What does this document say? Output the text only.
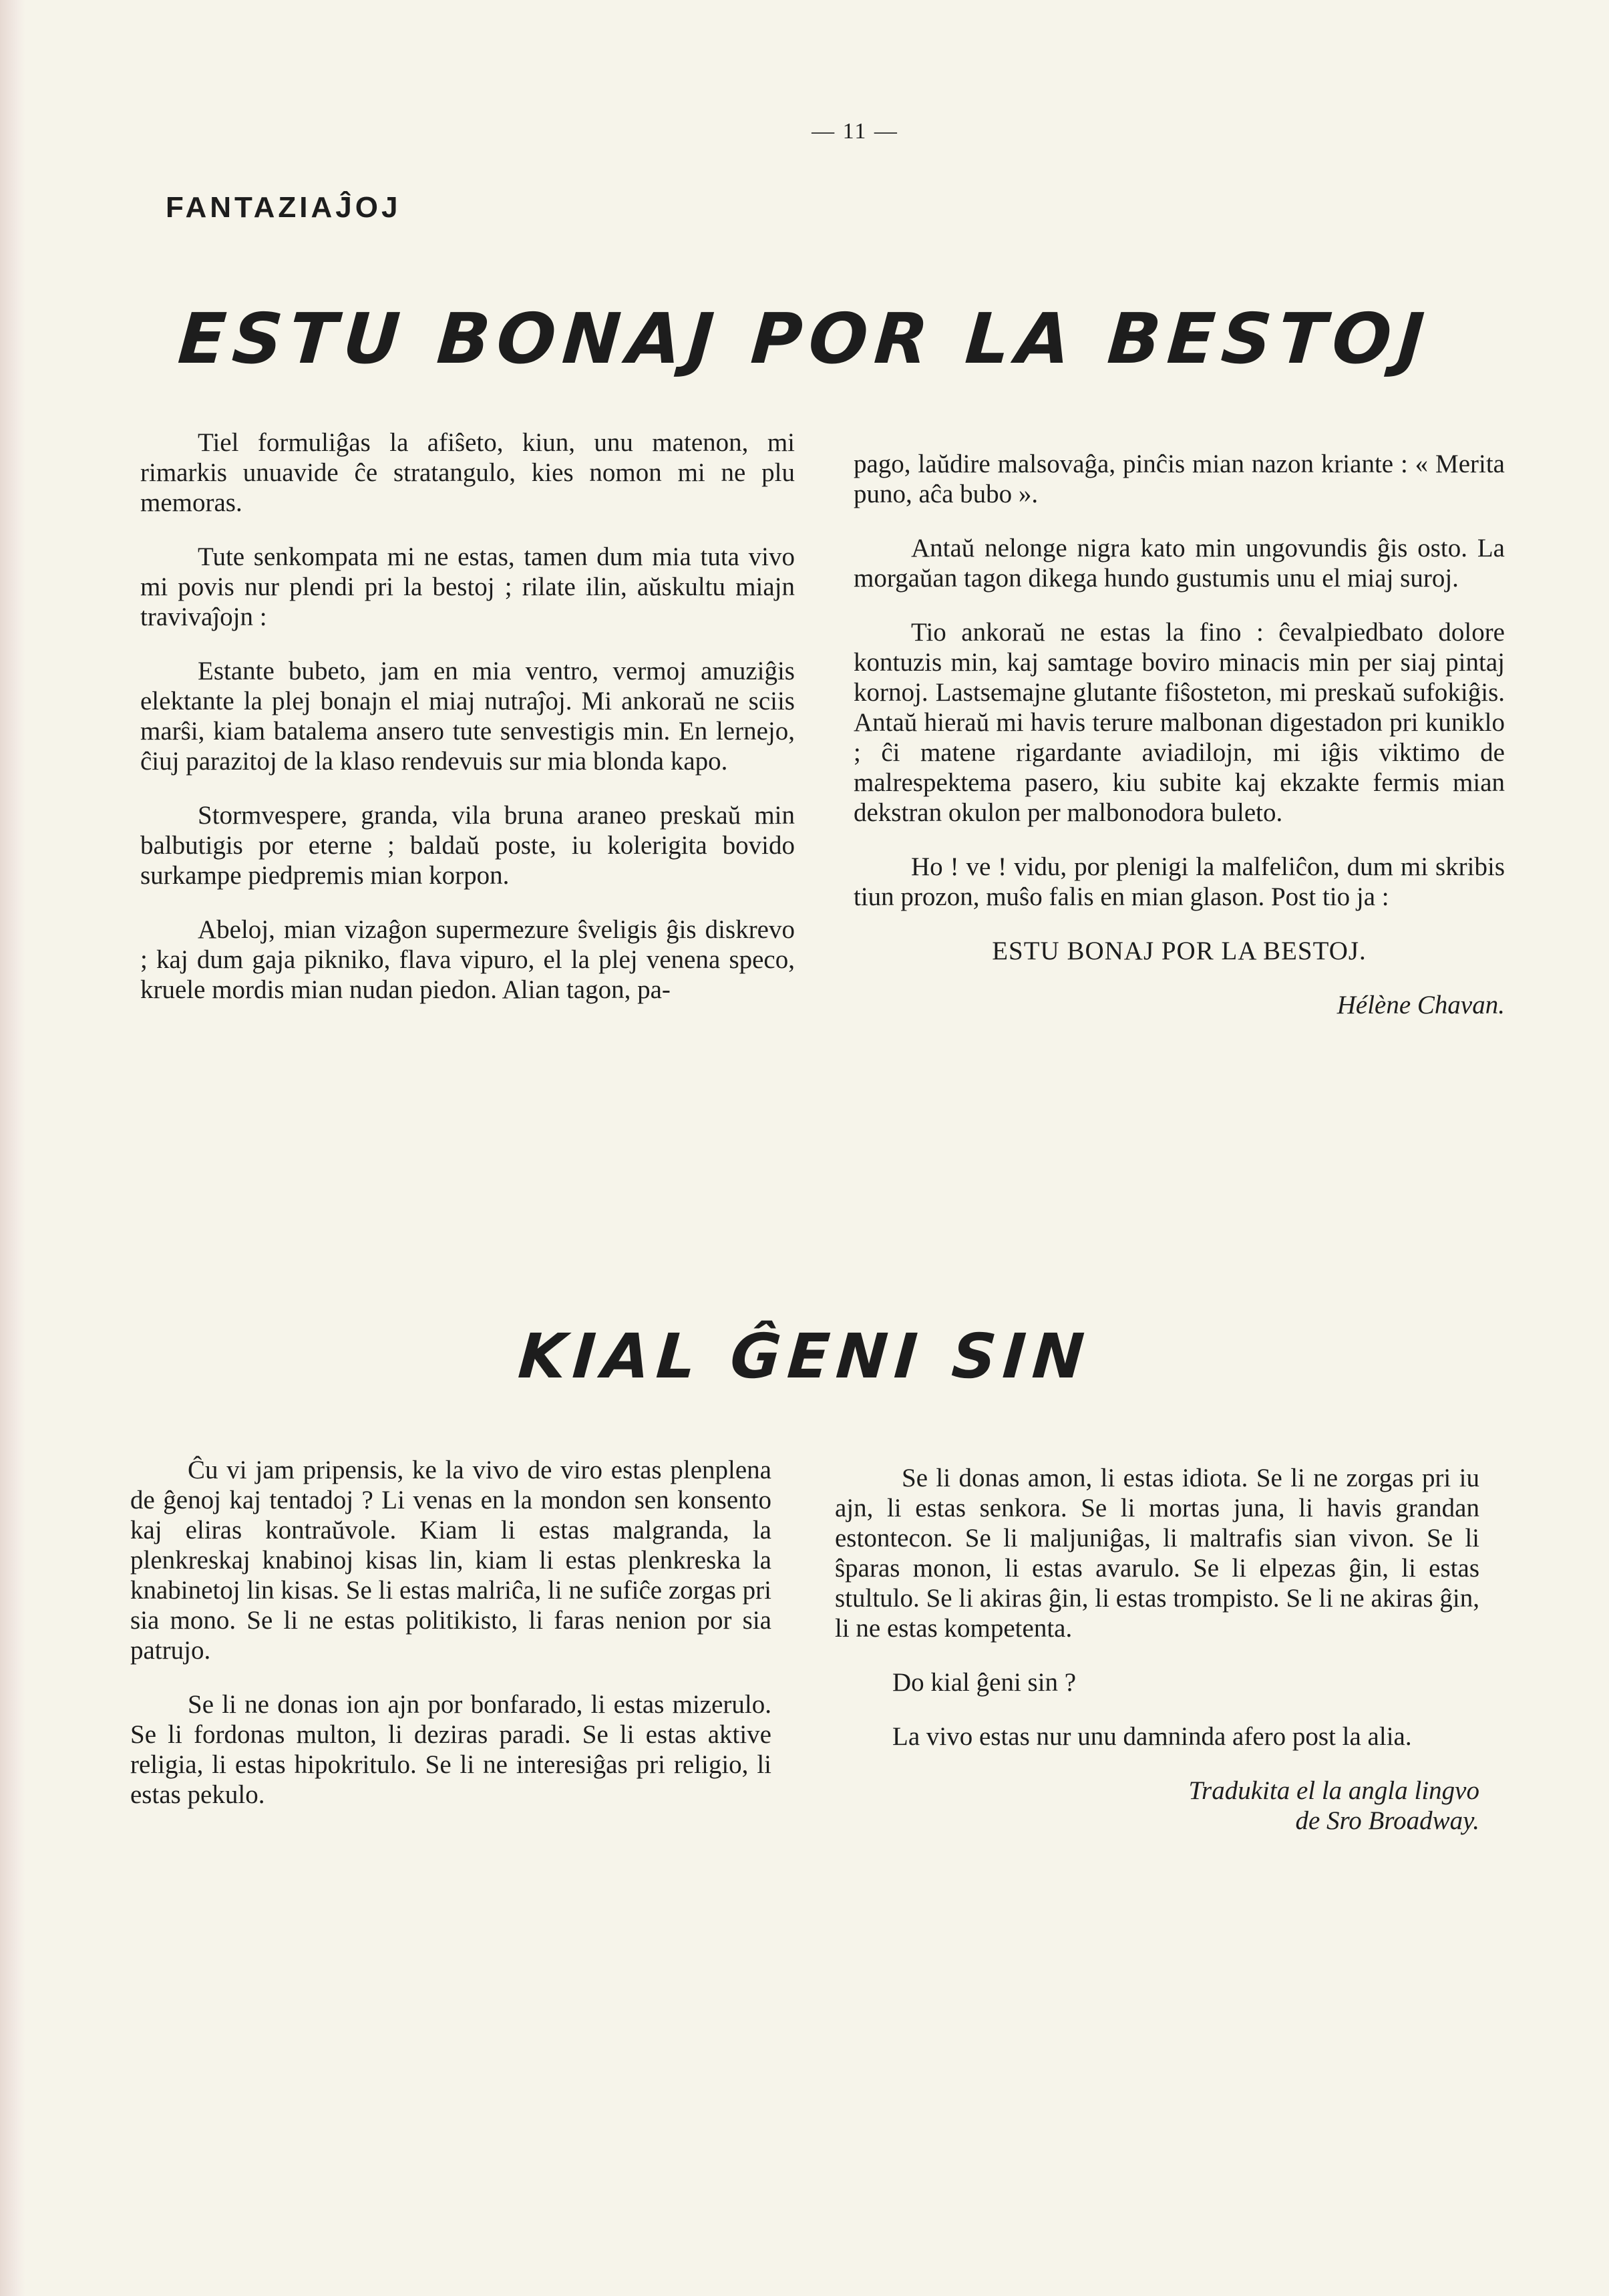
— 11 —
FANTAZIAĴOJ
ESTU BONAJ POR LA BESTOJ

Tiel formuliĝas la afiŝeto, kiun, unu matenon, mi rimarkis unuavide ĉe stratangulo, kies nomon mi ne plu memoras.

Tute senkompata mi ne estas, tamen dum mia tuta vivo mi povis nur plendi pri la bestoj ; rilate ilin, aŭskultu miajn travivaĵojn :

Estante bubeto, jam en mia ventro, vermoj amuziĝis elektante la plej bonajn el miaj nutraĵoj. Mi ankoraŭ ne sciis marŝi, kiam batalema ansero tute senvestigis min. En lernejo, ĉiuj parazitoj de la klaso rendevuis sur mia blonda kapo.

Stormvespere, granda, vila bruna araneo preskaŭ min balbutigis por eterne ; baldaŭ poste, iu kolerigita bovido surkampe piedpremis mian korpon.

Abeloj, mian vizaĝon supermezure ŝveligis ĝis diskrevo ; kaj dum gaja pikniko, flava vipuro, el la plej venena speco, kruele mordis mian nudan piedon. Alian tagon, pa-

pago, laŭdire malsovaĝa, pinĉis mian nazon kriante : « Merita puno, aĉa bubo ».

Antaŭ nelonge nigra kato min ungovundis ĝis osto. La morgaŭan tagon dikega hundo gustumis unu el miaj suroj.

Tio ankoraŭ ne estas la fino : ĉevalpiedbato dolore kontuzis min, kaj samtage boviro minacis min per siaj pintaj kornoj. Lastsemajne glutante fiŝosteton, mi preskaŭ sufokiĝis. Antaŭ hieraŭ mi havis terure malbonan digestadon pri kuniklo ; ĉi matene rigardante aviadilojn, mi iĝis viktimo de malrespektema pasero, kiu subite kaj ekzakte fermis mian dekstran okulon per malbonodora buleto.

Ho ! ve ! vidu, por plenigi la malfeliĉon, dum mi skribis tiun prozon, muŝo falis en mian glason. Post tio ja :

ESTU BONAJ POR LA BESTOJ.

Hélène Chavan.

KIAL ĜENI SIN

Ĉu vi jam pripensis, ke la vivo de viro estas plenplena de ĝenoj kaj tentadoj ? Li venas en la mondon sen konsento kaj eliras kontraŭvole. Kiam li estas malgranda, la plenkreskaj knabinoj kisas lin, kiam li estas plenkreska la knabinetoj lin kisas. Se li estas malriĉa, li ne sufiĉe zorgas pri sia mono. Se li ne estas politikisto, li faras nenion por sia patrujo.

Se li ne donas ion ajn por bonfarado, li estas mizerulo. Se li fordonas multon, li deziras paradi. Se li estas aktive religia, li estas hipokritulo. Se li ne interesiĝas pri religio, li estas pekulo.

Se li donas amon, li estas idiota. Se li ne zorgas pri iu ajn, li estas senkora. Se li mortas juna, li havis grandan estontecon. Se li maljuniĝas, li maltrafis sian vivon. Se li ŝparas monon, li estas avarulo. Se li elpezas ĝin, li estas stultulo. Se li akiras ĝin, li estas trompisto. Se li ne akiras ĝin, li ne estas kompetenta.

Do kial ĝeni sin ?

La vivo estas nur unu damninda afero post la alia.

Tradukita el la angla lingvo
de Sro Broadway.
